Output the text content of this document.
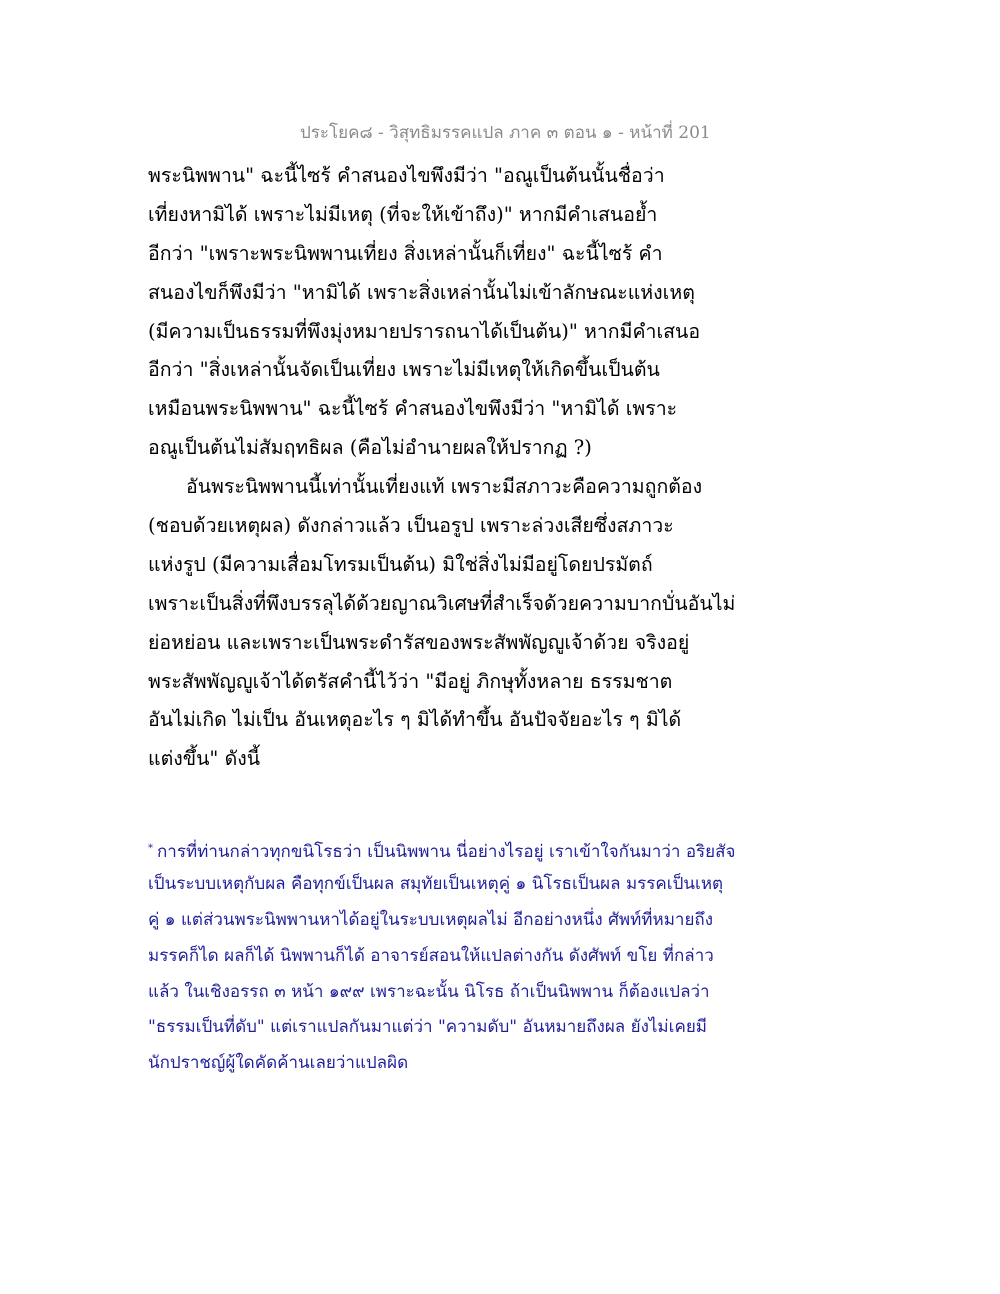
ประโยค๘ - วิสุทธิมรรคแปล ภาค ๓ ตอน ๑ - หน้าที่ 201
พระนิพพาน" ฉะนี้ไซร้ คำสนองไขพึงมีว่า "อณูเป็นต้นนั้นชื่อว่า
เที่ยงหามิได้ เพราะไม่มีเหตุ (ที่จะให้เข้าถึง)" หากมีคำเสนอย้ำ
อีกว่า "เพราะพระนิพพานเที่ยง สิ่งเหล่านั้นก็เที่ยง" ฉะนี้ไซร้ คำ
สนองไขก็พึงมีว่า "หามิได้ เพราะสิ่งเหล่านั้นไม่เข้าลักษณะแห่งเหตุ
(มีความเป็นธรรมที่พึงมุ่งหมายปรารถนาได้เป็นต้น)" หากมีคำเสนอ
อีกว่า "สิ่งเหล่านั้นจัดเป็นเที่ยง เพราะไม่มีเหตุให้เกิดขึ้นเป็นต้น
เหมือนพระนิพพาน" ฉะนี้ไซร้ คำสนองไขพึงมีว่า "หามิได้ เพราะ
อณูเป็นต้นไม่สัมฤทธิผล (คือไม่อำนายผลให้ปรากฏ ?)
อันพระนิพพานนี้เท่านั้นเที่ยงแท้ เพราะมีสภาวะคือความถูกต้อง
(ชอบด้วยเหตุผล) ดังกล่าวแล้ว เป็นอรูป เพราะล่วงเสียซึ่งสภาวะ
แห่งรูป (มีความเสื่อมโทรมเป็นต้น) มิใช่สิ่งไม่มีอยู่โดยปรมัตถ์
เพราะเป็นสิ่งที่พึงบรรลุได้ด้วยญาณวิเศษที่สำเร็จด้วยความบากบั่นอันไม่
ย่อหย่อน และเพราะเป็นพระดำรัสของพระสัพพัญญูเจ้าด้วย จริงอยู่
พระสัพพัญญูเจ้าได้ตรัสคำนี้ไว้ว่า "มีอยู่ ภิกษุทั้งหลาย ธรรมชาต
อันไม่เกิด ไม่เป็น อันเหตุอะไร ๆ มิได้ทำขึ้น อันปัจจัยอะไร ๆ มิได้
แต่งขึ้น" ดังนี้
* การที่ท่านกล่าวทุกขนิโรธว่า เป็นนิพพาน นี่อย่างไรอยู่ เราเข้าใจกันมาว่า อริยสัจ
เป็นระบบเหตุกับผล คือทุกข์เป็นผล สมุทัยเป็นเหตุคู่ ๑ นิโรธเป็นผล มรรคเป็นเหตุ
คู่ ๑ แต่ส่วนพระนิพพานหาได้อยู่ในระบบเหตุผลไม่ อีกอย่างหนึ่ง ศัพท์ที่หมายถึง
มรรคก็ได ผลก็ได้ นิพพานก็ได้ อาจารย์สอนให้แปลต่างกัน ดังศัพท์ ขโย ที่กล่าว
แล้ว ในเชิงอรรถ ๓ หน้า ๑๙๙ เพราะฉะนั้น นิโรธ ถ้าเป็นนิพพาน ก็ต้องแปลว่า
"ธรรมเป็นที่ดับ" แต่เราแปลกันมาแต่ว่า "ความดับ" อันหมายถึงผล ยังไม่เคยมี
นักปราชญ์ผู้ใดคัดค้านเลยว่าแปลผิด
